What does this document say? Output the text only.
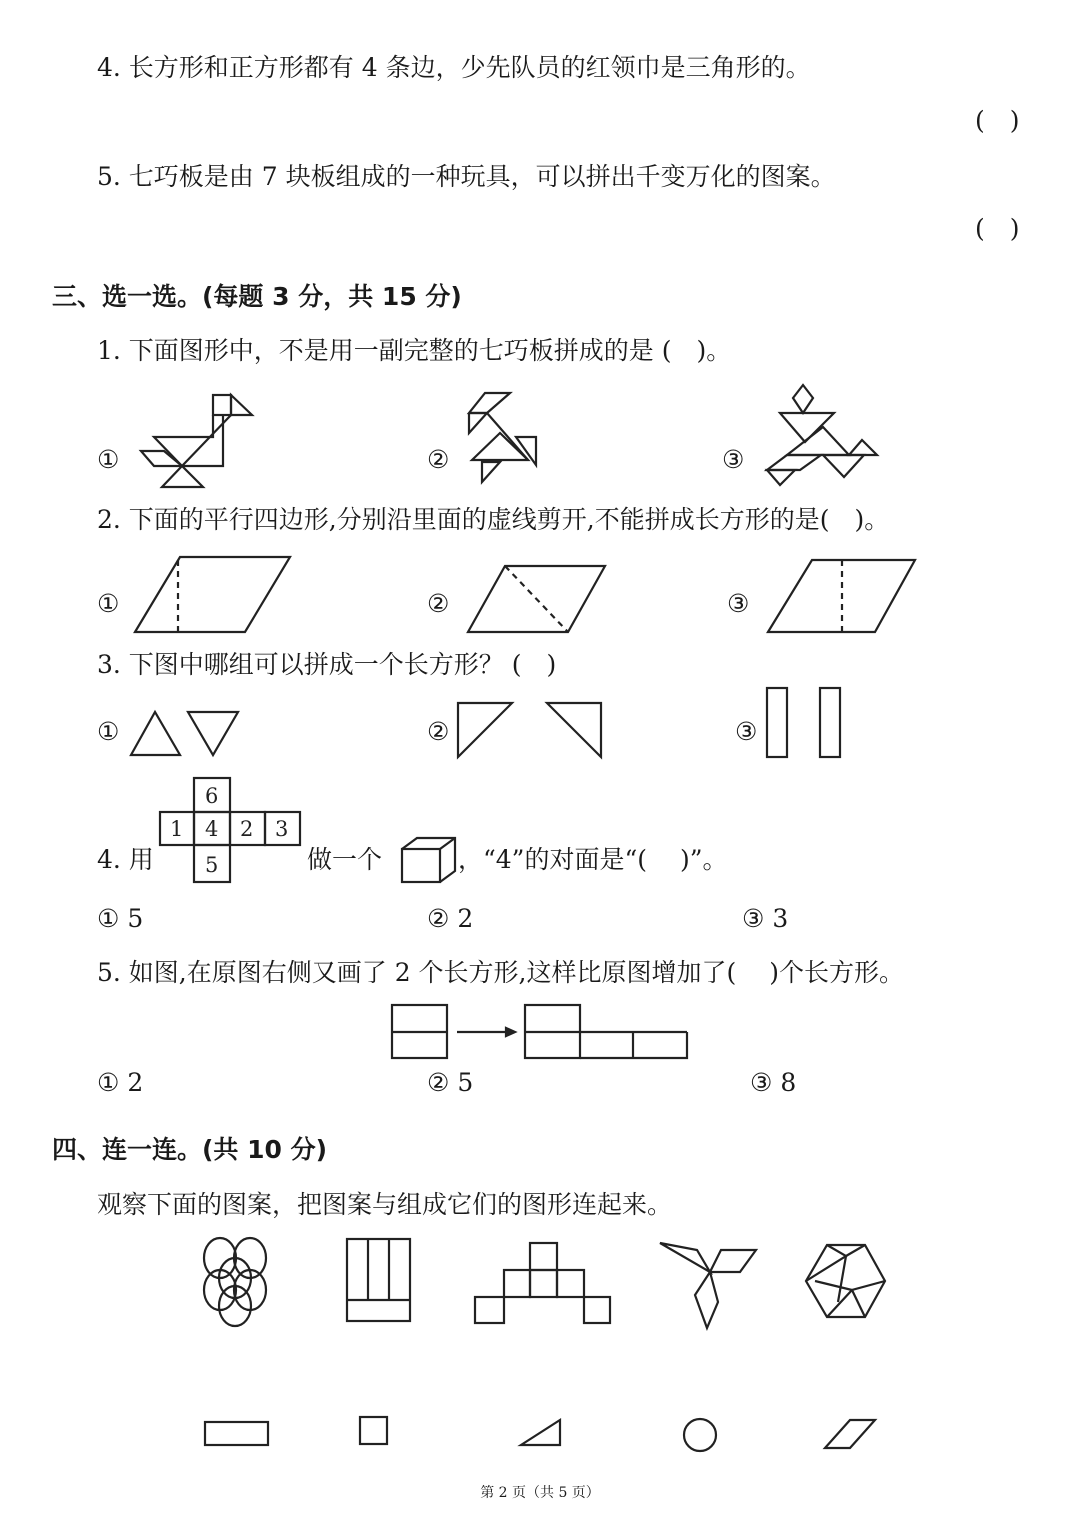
4. 长方形和正方形都有 4 条边，少先队员的红领巾是三角形的。
(　)
5. 七巧板是由 7 块板组成的一种玩具，可以拼出千变万化的图案。
(　)
三、选一选。(每题 3 分，共 15 分)
1. 下面图形中，不是用一副完整的七巧板拼成的是 (　)。
①	②	③
2. 下面的平行四边形,分别沿里面的虚线剪开,不能拼成长方形的是(　)。
①	②	③
3. 下图中哪组可以拼成一个长方形？ (　)
①	②	③
4. 用	做一个	，“4”的对面是“(　 )”。
① 5	② 2	③ 3
5. 如图,在原图右侧又画了 2 个长方形,这样比原图增加了(　 )个长方形。
① 2	② 5	③ 8
四、连一连。(共 10 分)
观察下面的图案，把图案与组成它们的图形连起来。
第 2 页（共 5 页）
6
1 4 2 3
5
